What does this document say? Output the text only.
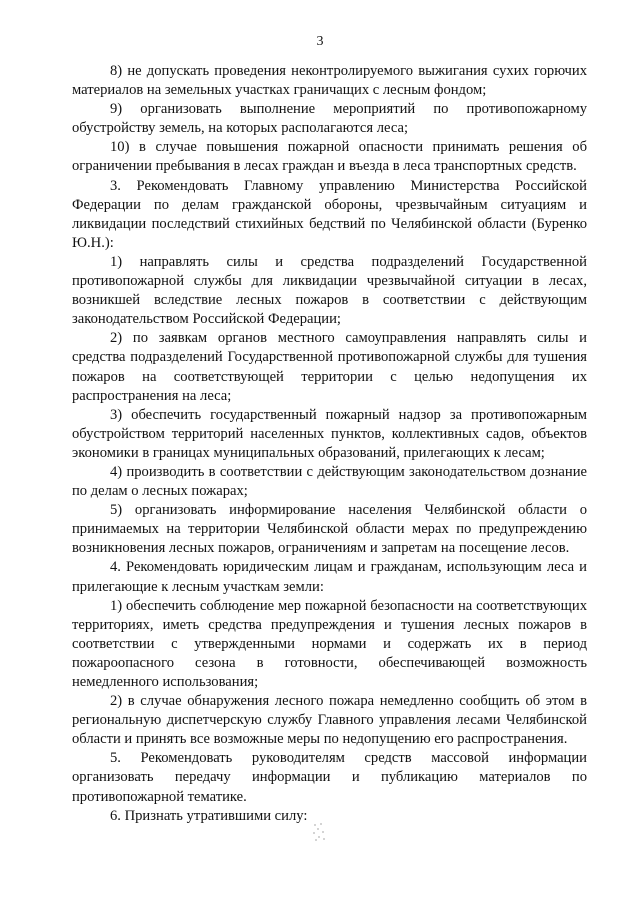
3

8) не допускать проведения неконтролируемого выжигания сухих горючих материалов на земельных участках граничащих с лесным фондом;

9) организовать выполнение мероприятий по противопожарному обустройству земель, на которых располагаются леса;

10) в случае повышения пожарной опасности принимать решения об ограничении пребывания в лесах граждан и въезда в леса транспортных средств.

3. Рекомендовать Главному управлению Министерства Российской Федерации по делам гражданской обороны, чрезвычайным ситуациям и ликвидации последствий стихийных бедствий по Челябинской области (Буренко Ю.Н.):

1) направлять силы и средства подразделений Государственной противопожарной службы для ликвидации чрезвычайной ситуации в лесах, возникшей вследствие лесных пожаров в соответствии с действующим законодательством Российской Федерации;

2) по заявкам органов местного самоуправления направлять силы и средства подразделений Государственной противопожарной службы для тушения пожаров на соответствующей территории с целью недопущения их распространения на леса;

3) обеспечить государственный пожарный надзор за противопожарным обустройством территорий населенных пунктов, коллективных садов, объектов экономики в границах муниципальных образований, прилегающих к лесам;

4) производить в соответствии с действующим законодательством дознание по делам о лесных пожарах;

5) организовать информирование населения Челябинской области о принимаемых на территории Челябинской области мерах по предупреждению возникновения лесных пожаров, ограничениям и запретам на посещение лесов.

4. Рекомендовать юридическим лицам и гражданам, использующим леса и прилегающие к лесным участкам земли:

1) обеспечить соблюдение мер пожарной безопасности на соответствующих территориях, иметь средства предупреждения и тушения лесных пожаров в соответствии с утвержденными нормами и содержать их в период пожароопасного сезона в готовности, обеспечивающей возможность немедленного использования;

2) в случае обнаружения лесного пожара немедленно сообщить об этом в региональную диспетчерскую службу Главного управления лесами Челябинской области и принять все возможные меры по недопущению его распространения.

5. Рекомендовать руководителям средств массовой информации организовать передачу информации и публикацию материалов по противопожарной тематике.

6. Признать утратившими силу:
